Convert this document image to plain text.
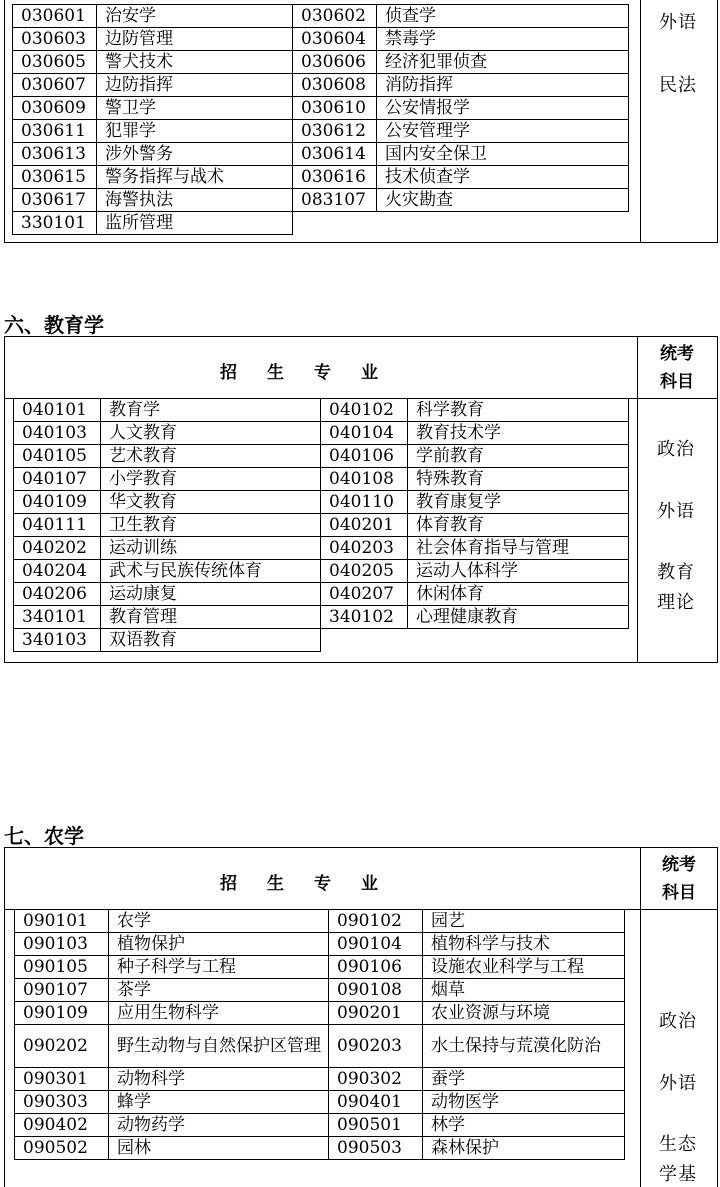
030601	治安学	030602	侦查学
030603	边防管理	030604	禁毒学
030605	警犬技术	030606	经济犯罪侦查
030607	边防指挥	030608	消防指挥
030609	警卫学	030610	公安情报学
030611	犯罪学	030612	公安管理学
030613	涉外警务	030614	国内安全保卫
030615	警务指挥与战术	030616	技术侦查学
030617	海警执法	083107	火灾勘查
330101	监所管理		
外语
民法
六、教育学
招生专业
统考
科目
040101	教育学	040102	科学教育
040103	人文教育	040104	教育技术学
040105	艺术教育	040106	学前教育
040107	小学教育	040108	特殊教育
040109	华文教育	040110	教育康复学
040111	卫生教育	040201	体育教育
040202	运动训练	040203	社会体育指导与管理
040204	武术与民族传统体育	040205	运动人体科学
040206	运动康复	040207	休闲体育
340101	教育管理	340102	心理健康教育
340103	双语教育		
政治
外语
教育
理论
七、农学
招生专业
统考
科目
090101	农学	090102	园艺
090103	植物保护	090104	植物科学与技术
090105	种子科学与工程	090106	设施农业科学与工程
090107	茶学	090108	烟草
090109	应用生物科学	090201	农业资源与环境
090202	野生动物与自然保护区管理	090203	水土保持与荒漠化防治
090301	动物科学	090302	蚕学
090303	蜂学	090401	动物医学
090402	动物药学	090501	林学
090502	园林	090503	森林保护
政治
外语
生态
学基
